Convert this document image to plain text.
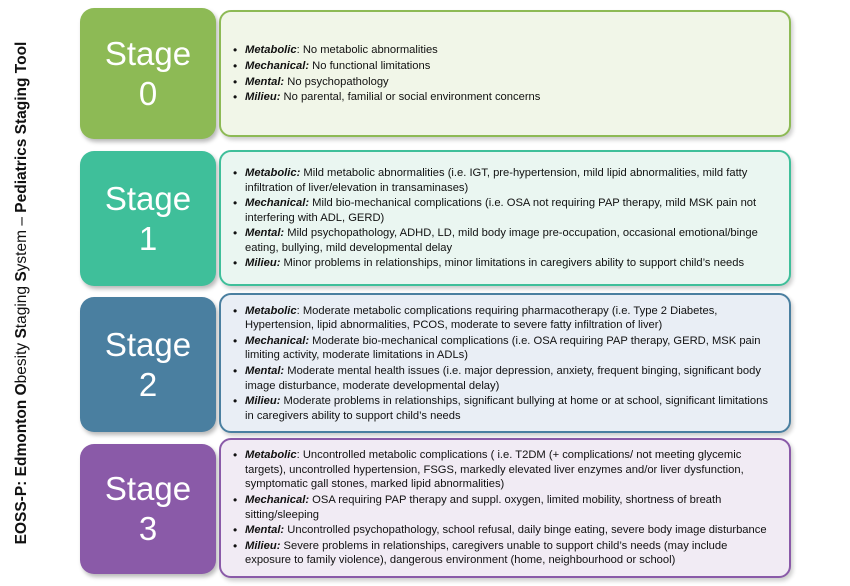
EOSS-P: Edmonton Obesity Staging System – Pediatrics Staging Tool Stage
0
• Metabolic: No metabolic abnormalities
• Mechanical: No functional limitations
• Mental: No psychopathology
• Milieu: No parental, familial or social environment concerns
Stage
1
• Metabolic: Mild metabolic abnormalities (i.e. IGT, pre-hypertension, mild lipid abnormalities, mild fatty infiltration of liver/elevation in transaminases)
• Mechanical: Mild bio-mechanical complications (i.e. OSA not requiring PAP therapy, mild MSK pain not interfering with ADL, GERD)
• Mental: Mild psychopathology, ADHD, LD, mild body image pre-occupation, occasional emotional/binge eating, bullying, mild developmental delay
• Milieu: Minor problems in relationships, minor limitations in caregivers ability to support child’s needs
Stage
2
• Metabolic: Moderate metabolic complications requiring pharmacotherapy (i.e. Type 2 Diabetes, Hypertension, lipid abnormalities, PCOS, moderate to severe fatty infiltration of liver)
• Mechanical: Moderate bio-mechanical complications (i.e. OSA requiring PAP therapy, GERD, MSK pain limiting activity, moderate limitations in ADLs)
• Mental: Moderate mental health issues (i.e. major depression, anxiety, frequent binging, significant body image disturbance, moderate developmental delay)
• Milieu: Moderate problems in relationships, significant bullying at home or at school, significant limitations in caregivers ability to support child’s needs
Stage
3
• Metabolic: Uncontrolled metabolic complications ( i.e. T2DM (+ complications/ not meeting glycemic targets), uncontrolled hypertension, FSGS, markedly elevated liver enzymes and/or liver dysfunction, symptomatic gall stones, marked lipid abnormalities)
• Mechanical: OSA requiring PAP therapy and suppl. oxygen, limited mobility, shortness of breath sitting/sleeping
• Mental: Uncontrolled psychopathology, school refusal, daily binge eating, severe body image disturbance
• Milieu: Severe problems in relationships, caregivers unable to support child’s needs (may include exposure to family violence), dangerous environment (home, neighbourhood or school)
